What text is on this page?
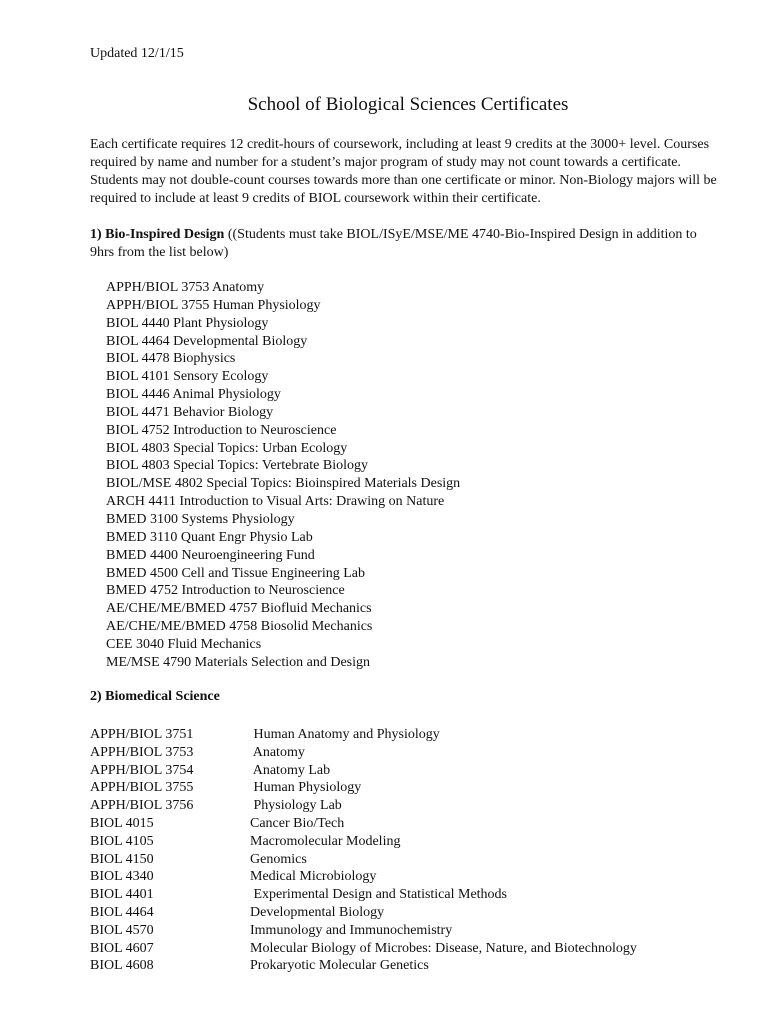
Updated 12/1/15
School of Biological Sciences Certificates
Each certificate requires 12 credit-hours of coursework, including at least 9 credits at the 3000+ level. Courses required by name and number for a student’s major program of study may not count towards a certificate. Students may not double-count courses towards more than one certificate or minor. Non-Biology majors will be required to include at least 9 credits of BIOL coursework within their certificate.
1) Bio-Inspired Design ((Students must take BIOL/ISyE/MSE/ME 4740-Bio-Inspired Design in addition to 9hrs from the list below)
APPH/BIOL 3753 Anatomy
APPH/BIOL 3755 Human Physiology
BIOL 4440 Plant Physiology
BIOL 4464 Developmental Biology
BIOL 4478 Biophysics
BIOL 4101 Sensory Ecology
BIOL 4446 Animal Physiology
BIOL 4471 Behavior Biology
BIOL 4752 Introduction to Neuroscience
BIOL 4803 Special Topics: Urban Ecology
BIOL 4803 Special Topics: Vertebrate Biology
BIOL/MSE 4802 Special Topics: Bioinspired Materials Design
ARCH 4411 Introduction to Visual Arts: Drawing on Nature
BMED 3100 Systems Physiology
BMED 3110 Quant Engr Physio Lab
BMED 4400 Neuroengineering Fund
BMED 4500 Cell and Tissue Engineering Lab
BMED 4752 Introduction to Neuroscience
AE/CHE/ME/BMED 4757 Biofluid Mechanics
AE/CHE/ME/BMED 4758 Biosolid Mechanics
CEE 3040 Fluid Mechanics
ME/MSE 4790 Materials Selection and Design
2) Biomedical Science
APPH/BIOL 3751	Human Anatomy and Physiology
APPH/BIOL 3753	Anatomy
APPH/BIOL 3754	Anatomy Lab
APPH/BIOL 3755	Human Physiology
APPH/BIOL 3756	Physiology Lab
BIOL 4015	Cancer Bio/Tech
BIOL 4105	Macromolecular Modeling
BIOL 4150	Genomics
BIOL 4340	Medical Microbiology
BIOL 4401	Experimental Design and Statistical Methods
BIOL 4464	Developmental Biology
BIOL 4570	Immunology and Immunochemistry
BIOL 4607	Molecular Biology of Microbes: Disease, Nature, and Biotechnology
BIOL 4608	Prokaryotic Molecular Genetics
